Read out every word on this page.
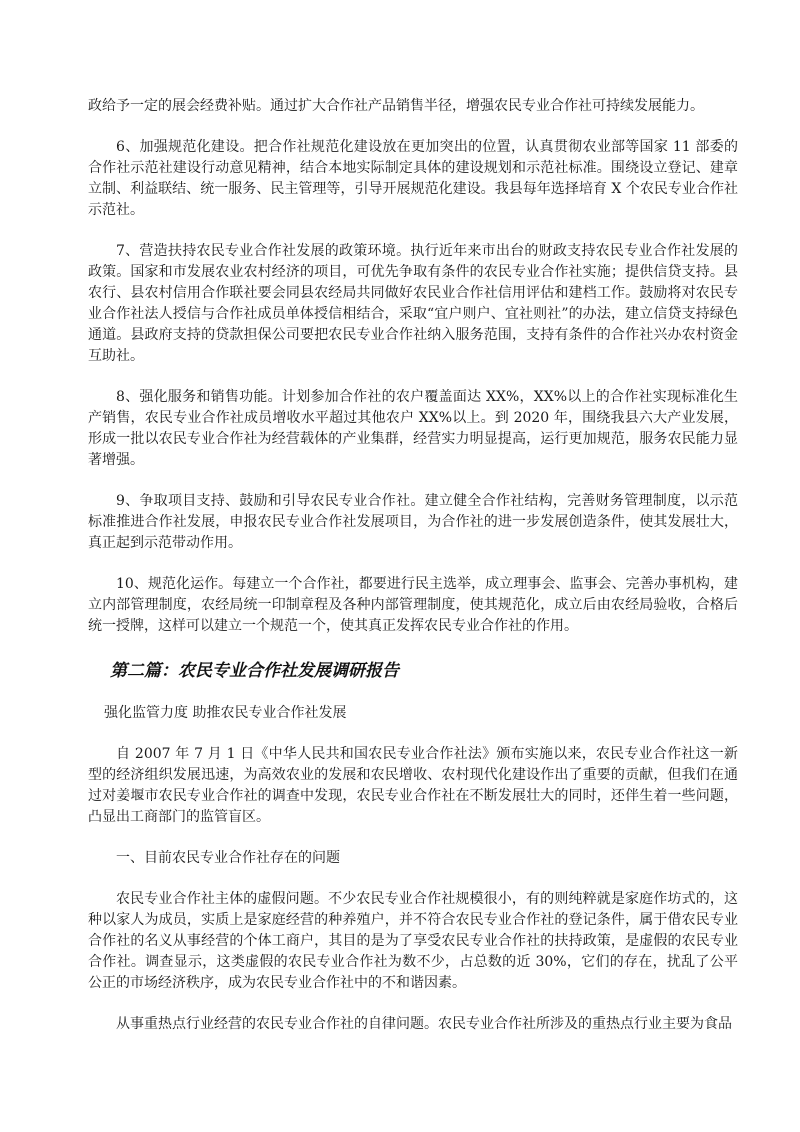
政给予一定的展会经费补贴。通过扩大合作社产品销售半径，增强农民专业合作社可持续发展能力。

6、加强规范化建设。把合作社规范化建设放在更加突出的位置，认真贯彻农业部等国家 11 部委的合作社示范社建设行动意见精神，结合本地实际制定具体的建设规划和示范社标准。围绕设立登记、建章立制、利益联结、统一服务、民主管理等，引导开展规范化建设。我县每年选择培育 X 个农民专业合作社示范社。

7、营造扶持农民专业合作社发展的政策环境。执行近年来市出台的财政支持农民专业合作社发展的政策。国家和市发展农业农村经济的项目，可优先争取有条件的农民专业合作社实施；提供信贷支持。县农行、县农村信用合作联社要会同县农经局共同做好农民业合作社信用评估和建档工作。鼓励将对农民专业合作社法人授信与合作社成员单体授信相结合，采取“宜户则户、宜社则社”的办法，建立信贷支持绿色通道。县政府支持的贷款担保公司要把农民专业合作社纳入服务范围，支持有条件的合作社兴办农村资金互助社。

8、强化服务和销售功能。计划参加合作社的农户覆盖面达 XX%，XX%以上的合作社实现标准化生 产销售，农民专业合作社成员增收水平超过其他农户 XX%以上。到 2020 年，围绕我县六大产业发展，形成一批以农民专业合作社为经营载体的产业集群，经营实力明显提高，运行更加规范，服务农民能力显著增强。

9、争取项目支持、鼓励和引导农民专业合作社。建立健全合作社结构，完善财务管理制度，以示范标准推进合作社发展，申报农民专业合作社发展项目，为合作社的进一步发展创造条件，使其发展壮大，真正起到示范带动作用。

10、规范化运作。每建立一个合作社，都要进行民主选举，成立理事会、监事会、完善办事机构，建立内部管理制度，农经局统一印制章程及各种内部管理制度，使其规范化，成立后由农经局验收，合格后统一授牌，这样可以建立一个规范一个，使其真正发挥农民专业合作社的作用。

第二篇：农民专业合作社发展调研报告

强化监管力度 助推农民专业合作社发展

自 2007 年 7 月 1 日《中华人民共和国农民专业合作社法》颁布实施以来，农民专业合作社这一新型的经济组织发展迅速，为高效农业的发展和农民增收、农村现代化建设作出了重要的贡献，但我们在通过对姜堰市农民专业合作社的调查中发现，农民专业合作社在不断发展壮大的同时，还伴生着一些问题，凸显出工商部门的监管盲区。

一、目前农民专业合作社存在的问题

农民专业合作社主体的虚假问题。不少农民专业合作社规模很小，有的则纯粹就是家庭作坊式的，这种以家人为成员，实质上是家庭经营的种养殖户，并不符合农民专业合作社的登记条件，属于借农民专业合作社的名义从事经营的个体工商户，其目的是为了享受农民专业合作社的扶持政策，是虚假的农民专业合作社。调查显示，这类虚假的农民专业合作社为数不少，占总数的近 30%，它们的存在，扰乱了公平公正的市场经济秩序，成为农民专业合作社中的不和谐因素。

从事重热点行业经营的农民专业合作社的自律问题。农民专业合作社所涉及的重热点行业主要为食品
